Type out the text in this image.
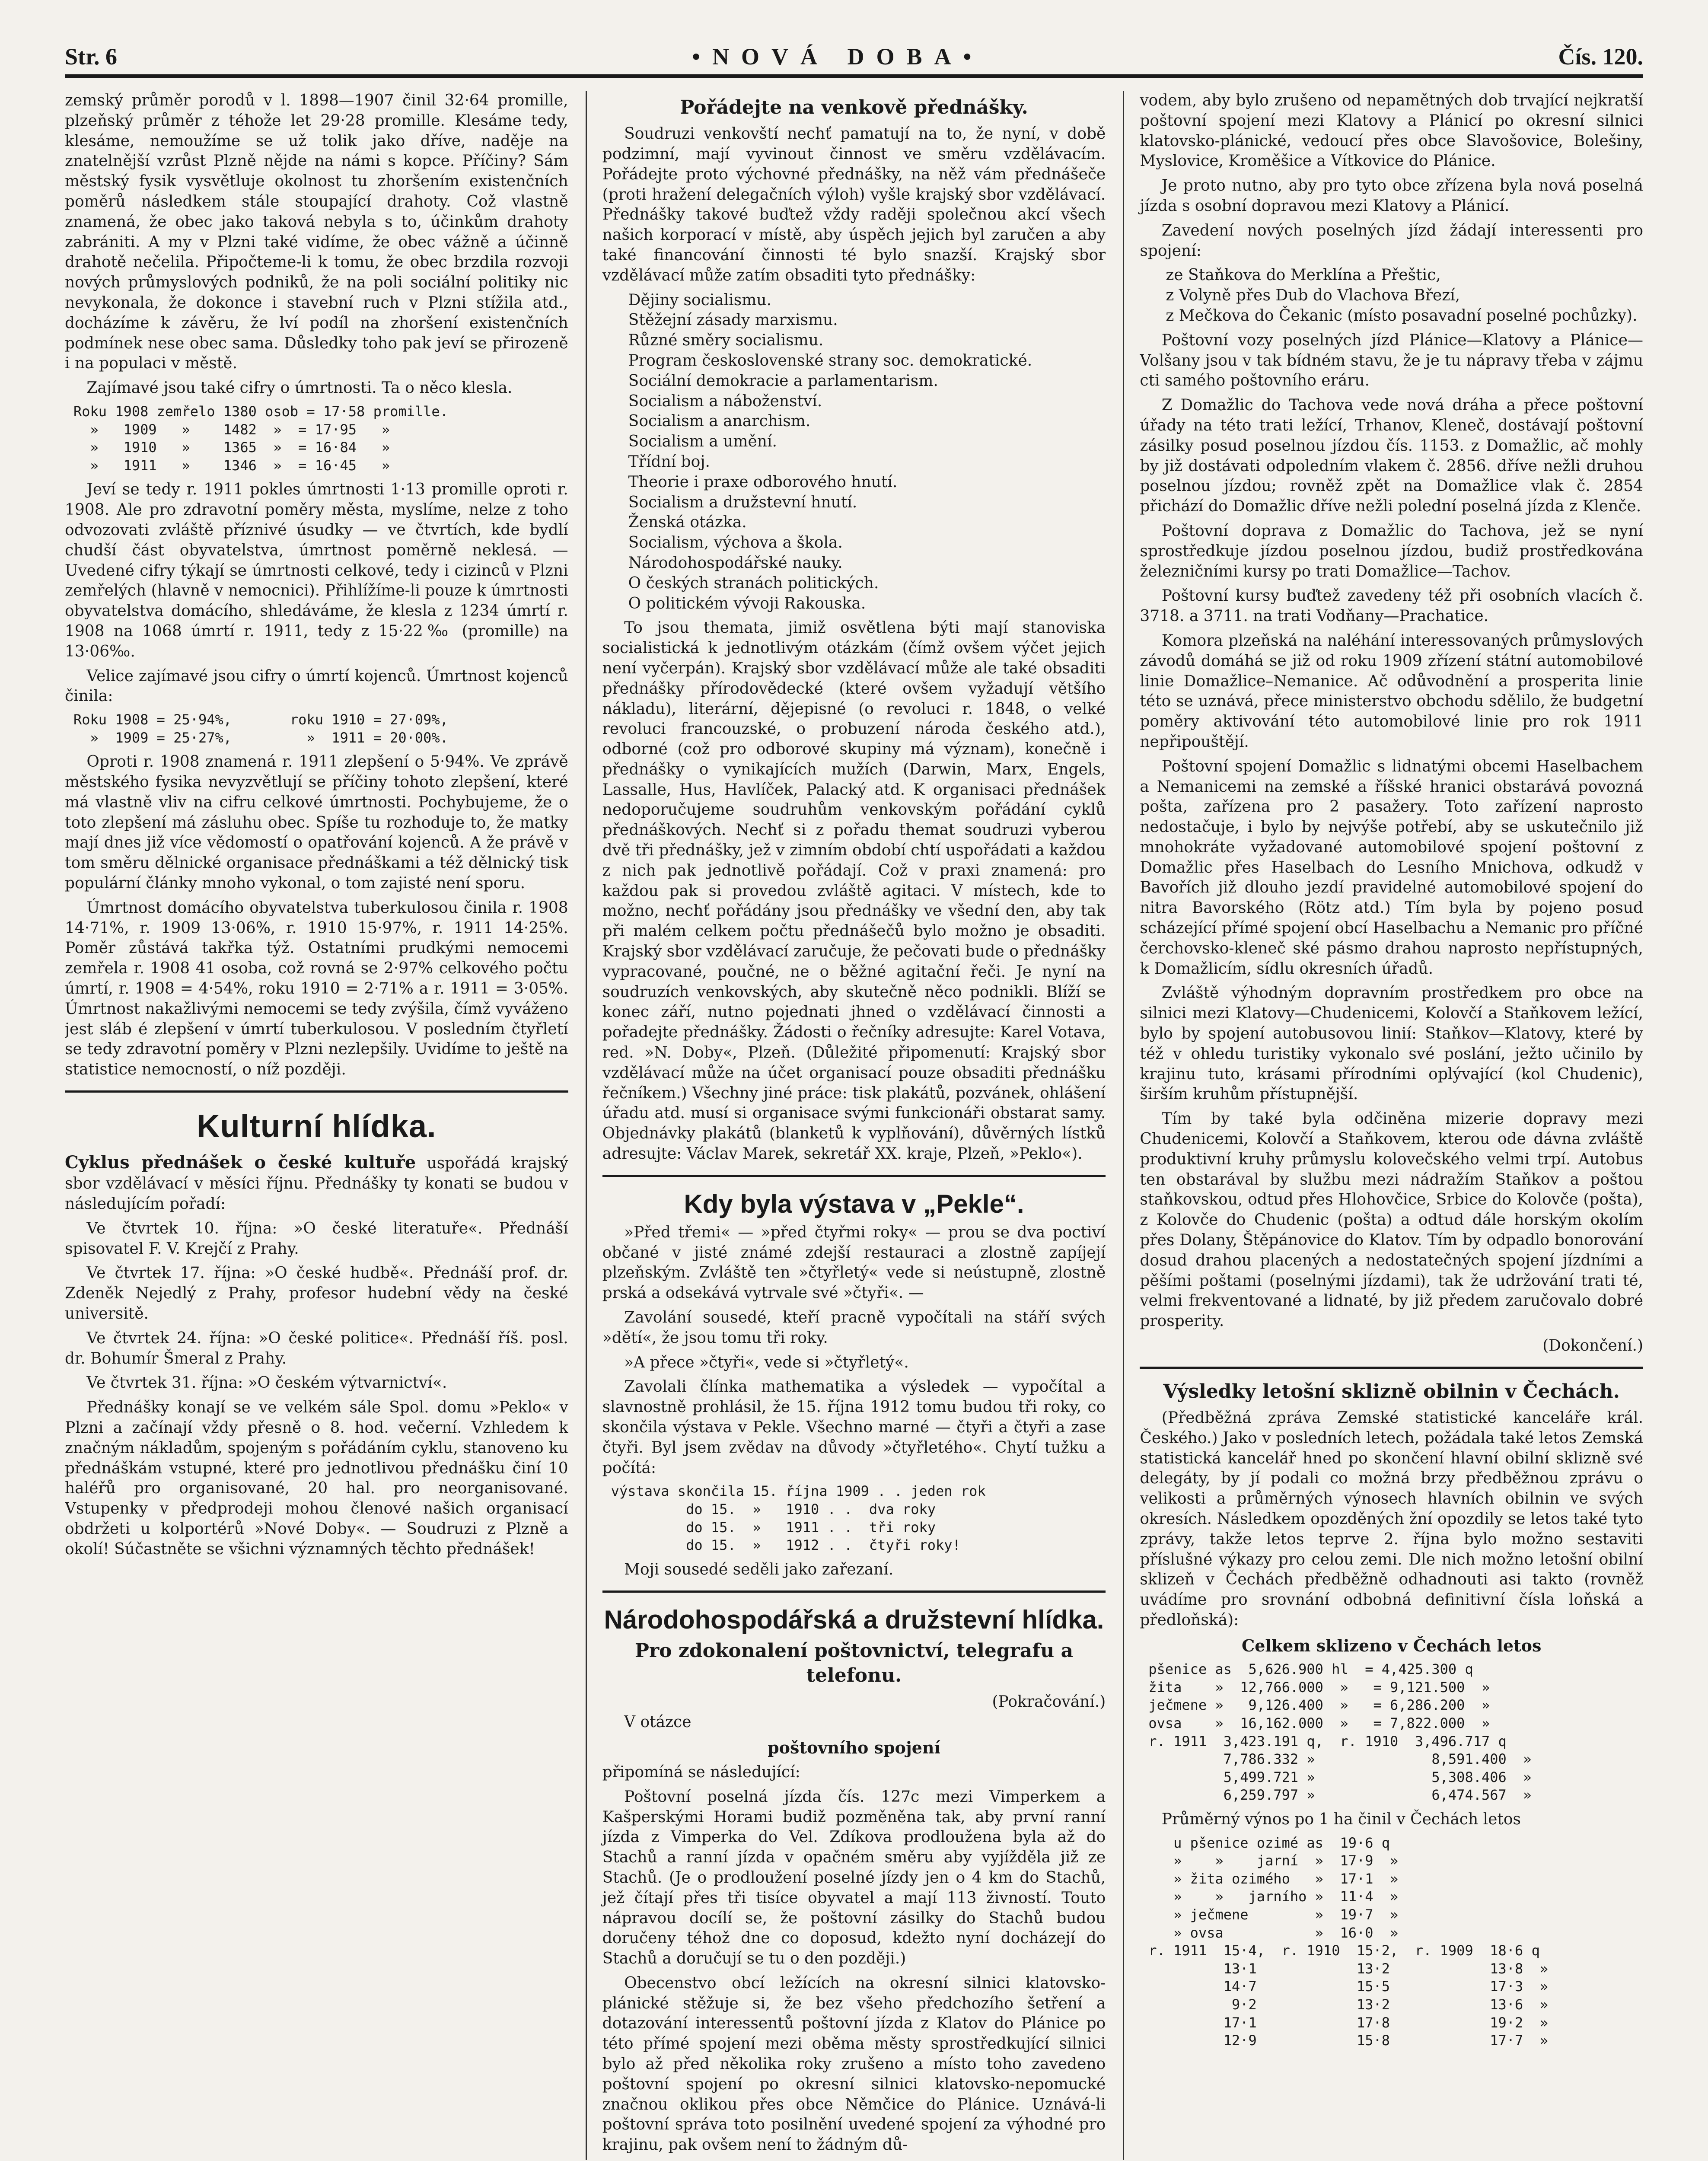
Str. 6	•NOVÁ DOBA•	Čís. 120.

zemský průměr porodů v l. 1898—1907 činil 32·64 promille, plzeňský průměr z téhože let 29·28 promille. Klesáme tedy, klesáme, nemoužíme se už tolik jako dříve, naděje na znatelnější vzrůst Plzně nějde na námi s kopce. Příčiny? Sám městský fysik vysvětluje okolnost tu zhoršením existenčních poměrů následkem stále stoupající drahoty. Což vlastně znamená, že obec jako taková nebyla s to, účinkům drahoty zabrániti. A my v Plzni také vidíme, že obec vážně a účinně drahotě nečelila. Připočteme-li k tomu, že obec brzdila rozvoji nových průmyslových podniků, že na poli sociální politiky nic nevykonala, že dokonce i stavební ruch v Plzni stížila atd., docházíme k závěru, že lví podíl na zhoršení existenčních podmínek nese obec sama. Důsledky toho pak jeví se přirozeně i na populaci v městě.

Zajímavé jsou také cifry o úmrtnosti. Ta o něco klesla.

Roku 1908 zemřelo 1380 osob = 17·58 promille.
»   1909   »    1482  »  = 17·95   »
»   1910   »    1365  »  = 16·84   »
»   1911   »    1346  »  = 16·45   »

Jeví se tedy r. 1911 pokles úmrtnosti 1·13 promille oproti r. 1908. Ale pro zdravotní poměry města, myslíme, nelze z toho odvozovati zvláště příznivé úsudky — ve čtvrtích, kde bydlí chudší část obyvatelstva, úmrtnost poměrně neklesá. — Uvedené cifry týkají se úmrtnosti celkové, tedy i cizinců v Plzni zemřelých (hlavně v nemocnici). Přihlížíme-li pouze k úmrtnosti obyvatelstva domácího, shledáváme, že klesla z 1234 úmrtí r. 1908 na 1068 úmrtí r. 1911, tedy z 15·22‰ (promille) na 13·06‰.

Velice zajímavé jsou cifry o úmrtí kojenců. Úmrtnost kojenců činila:

Roku 1908 = 25·94%,       roku 1910 = 27·09%,
»  1909 = 25·27%,         »  1911 = 20·00%.

Oproti r. 1908 znamená r. 1911 zlepšení o 5·94%. Ve zprávě městského fysika nevyzvětlují se příčiny tohoto zlepšení, které má vlastně vliv na cifru celkové úmrtnosti. Pochybujeme, že o toto zlepšení má zásluhu obec. Spíše tu rozhoduje to, že matky mají dnes již více vědomostí o opatřování kojenců. A že právě v tom směru dělnické organisace přednáškami a též dělnický tisk populární články mnoho vykonal, o tom zajisté není sporu.

Úmrtnost domácího obyvatelstva tuberkulosou činila r. 1908 14·71%, r. 1909 13·06%, r. 1910 15·97%, r. 1911 14·25%. Poměr zůstává takřka týž. Ostatními prudkými nemocemi zemřela r. 1908 41 osoba, což rovná se 2·97% celkového počtu úmrtí, r. 1908 = 4·54%, roku 1910 = 2·71% a r. 1911 = 3·05%. Úmrtnost nakažlivými nemocemi se tedy zvýšila, čímž vyváženo jest sláb é zlepšení v úmrtí tuberkulosou. V posledním čtyřletí se tedy zdravotní poměry v Plzni nezlepšily. Uvidíme to ještě na statistice nemocností, o níž později.

Kulturní hlídka.

Cyklus přednášek o české kultuře uspořádá krajský sbor vzdělávací v měsíci říjnu. Přednášky ty konati se budou v následujícím pořadí:

Ve čtvrtek 10. října: »O české literatuře«. Přednáší spisovatel F. V. Krejčí z Prahy.

Ve čtvrtek 17. října: »O české hudbě«. Přednáší prof. dr. Zdeněk Nejedlý z Prahy, profesor hudební vědy na české universitě.

Ve čtvrtek 24. října: »O české politice«. Přednáší říš. posl. dr. Bohumír Šmeral z Prahy.

Ve čtvrtek 31. října: »O českém výtvarnictví«.

Přednášky konají se ve velkém sále Spol. domu »Peklo« v Plzni a začínají vždy přesně o 8. hod. večerní. Vzhledem k značným nákladům, spojeným s pořádáním cyklu, stanoveno ku přednáškám vstupné, které pro jednotlivou přednášku činí 10 haléřů pro organisované, 20 hal. pro neorganisované. Vstupenky v předprodeji mohou členové našich organisací obdržeti u kolportérů »Nové Doby«. — Soudruzi z Plzně a okolí! Súčastněte se všichni významných těchto přednášek!

Pořádejte na venkově přednášky.

Soudruzi venkovští nechť pamatují na to, že nyní, v době podzimní, mají vyvinout činnost ve směru vzdělávacím. Pořádejte proto výchovné přednášky, na něž vám přednášeče (proti hražení delegačních výloh) vyšle krajský sbor vzdělávací. Přednášky takové buďtež vždy raději společnou akcí všech našich korporací v místě, aby úspěch jejich byl zaručen a aby také financování činnosti té bylo snazší. Krajský sbor vzdělávací může zatím obsaditi tyto přednášky:

Dějiny socialismu.
Stěžejní zásady marxismu.
Různé směry socialismu.
Program československé strany soc. demokratické.
Sociální demokracie a parlamentarism.
Socialism a náboženství.
Socialism a anarchism.
Socialism a umění.
Třídní boj.
Theorie i praxe odborového hnutí.
Socialism a družstevní hnutí.
Ženská otázka.
Socialism, výchova a škola.
Národohospodářské nauky.
O českých stranách politických.
O politickém vývoji Rakouska.

To jsou themata, jimiž osvětlena býti mají stanoviska socialistická k jednotlivým otázkám (čímž ovšem výčet jejich není vyčerpán). Krajský sbor vzdělávací může ale také obsaditi přednášky přírodovědecké (které ovšem vyžadují většího nákladu), literární, dějepisné (o revoluci r. 1848, o velké revoluci francouzské, o probuzení národa českého atd.), odborné (což pro odborové skupiny má význam), konečně i přednášky o vynikajících mužích (Darwin, Marx, Engels, Lassalle, Hus, Havlíček, Palacký atd. K organisaci přednášek nedoporučujeme soudruhům venkovským pořádání cyklů přednáškových. Nechť si z pořadu themat soudruzi vyberou dvě tři přednášky, jež v zimním období chtí uspořádati a každou z nich pak jednotlivě pořádají. Což v praxi znamená: pro každou pak si provedou zvláště agitaci. V místech, kde to možno, nechť pořádány jsou přednášky ve všední den, aby tak při malém celkem počtu přednášečů bylo možno je obsaditi. Krajský sbor vzdělávací zaručuje, že pečovati bude o přednášky vypracované, poučné, ne o běžné agitační řeči. Je nyní na soudruzích venkovských, aby skutečně něco podnikli. Blíží se konec září, nutno pojednati jhned o vzdělávací činnosti a pořadejte přednášky. Žádosti o řečníky adresujte: Karel Votava, red. »N. Doby«, Plzeň. (Důležité připomenutí: Krajský sbor vzdělávací může na účet organisací pouze obsaditi přednášku řečníkem.) Všechny jiné práce: tisk plakátů, pozvánek, ohlášení úřadu atd. musí si organisace svými funkcionáři obstarat samy. Objednávky plakátů (blanketů k vyplňování), důvěrných lístků adresujte: Václav Marek, sekretář XX. kraje, Plzeň, »Peklo«).

Kdy byla výstava v „Pekle“.

»Před třemi« — »před čtyřmi roky« — prou se dva poctiví občané v jisté známé zdejší restauraci a zlostně zapíjejí plzeňským. Zvláště ten »čtyřletý« vede si neústupně, zlostně prská a odsekává vytrvale své »čtyři«. —

Zavolání sousedé, kteří pracně vypočítali na stáří svých »dětí«, že jsou tomu tři roky.

»A přece »čtyři«, vede si »čtyřletý«.

Zavolali člínka mathematika a výsledek — vypočítal a slavnostně prohlásil, že 15. října 1912 tomu budou tři roky, co skončila výstava v Pekle. Všechno marné — čtyři a čtyři a zase čtyři. Byl jsem zvědav na důvody »čtyřletého«. Chytí tužku a počítá:

výstava skončila 15. října 1909 . . jeden rok
do 15.  »   1910 . .  dva roky
do 15.  »   1911 . .  tři roky
do 15.  »   1912 . .  čtyři roky!

Moji sousedé seděli jako zařezaní.

Národohospodářská a družstevní hlídka.
Pro zdokonalení poštovnictví, telegrafu a telefonu.
(Pokračování.)

V otázce

poštovního spojení

připomíná se následující:

Poštovní poselná jízda čís. 127c mezi Vimperkem a Kašperskými Horami budiž pozměněna tak, aby první ranní jízda z Vimperka do Vel. Zdíkova prodloužena byla až do Stachů a ranní jízda v opačném směru aby vyjížděla již ze Stachů. (Je o prodloužení poselné jízdy jen o 4 km do Stachů, jež čítají přes tři tisíce obyvatel a mají 113 živností. Touto nápravou docílí se, že poštovní zásilky do Stachů budou doručeny téhož dne co doposud, kdežto nyní docházejí do Stachů a doručují se tu o den později.)

Obecenstvo obcí ležících na okresní silnici klatovsko-plánické stěžuje si, že bez všeho předchozího šetření a dotazování interessentů poštovní jízda z Klatov do Plánice po této přímé spojení mezi oběma městy sprostředkující silnici bylo až před několika roky zrušeno a místo toho zavedeno poštovní spojení po okresní silnici klatovsko-nepomucké značnou oklikou přes obce Němčice do Plánice. Uznává-li poštovní správa toto posilnění uvedené spojení za výhodné pro krajinu, pak ovšem není to žádným dů-

vodem, aby bylo zrušeno od nepamětných dob trvající nejkratší poštovní spojení mezi Klatovy a Plánicí po okresní silnici klatovsko-plánické, vedoucí přes obce Slavošovice, Bolešiny, Myslovice, Kroměšice a Vítkovice do Plánice.

Je proto nutno, aby pro tyto obce zřízena byla nová poselná jízda s osobní dopravou mezi Klatovy a Plánicí.

Zavedení nových poselných jízd žádají interessenti pro spojení:

ze Staňkova do Merklína a Přeštic,
z Volyně přes Dub do Vlachova Březí,
z Mečkova do Čekanic (místo posavadní poselné pochůzky).

Poštovní vozy poselných jízd Plánice—Klatovy a Plánice—Volšany jsou v tak bídném stavu, že je tu nápravy třeba v zájmu cti samého poštovního eráru.

Z Domažlic do Tachova vede nová dráha a přece poštovní úřady na této trati ležící, Trhanov, Kleneč, dostávají poštovní zásilky posud poselnou jízdou čís. 1153. z Domažlic, ač mohly by již dostávati odpoledním vlakem č. 2856. dříve nežli druhou poselnou jízdou; rovněž zpět na Domažlice vlak č. 2854 přichází do Domažlic dříve nežli polední poselná jízda z Klenče.

Poštovní doprava z Domažlic do Tachova, jež se nyní sprostředkuje jízdou poselnou jízdou, budiž prostředkována železničními kursy po trati Domažlice—Tachov.

Poštovní kursy buďtež zavedeny též při osobních vlacích č. 3718. a 3711. na trati Vodňany—Prachatice.

Komora plzeňská na naléhání interessovaných průmyslových závodů domáhá se již od roku 1909 zřízení státní automobilové linie Domažlice–Nemanice. Ač odůvodnění a prosperita linie této se uznává, přece ministerstvo obchodu sdělilo, že budgetní poměry aktivování této automobilové linie pro rok 1911 nepřipouštějí.

Poštovní spojení Domažlic s lidnatými obcemi Haselbachem a Nemanicemi na zemské a říšské hranici obstarává povozná pošta, zařízena pro 2 pasažery. Toto zařízení naprosto nedostačuje, i bylo by nejvýše potřebí, aby se uskutečnilo již mnohokráte vyžadované automobilové spojení poštovní z Domažlic přes Haselbach do Lesního Mnichova, odkudž v Bavořích již dlouho jezdí pravidelné automobilové spojení do nitra Bavorského (Rötz atd.) Tím byla by pojeno posud scházející přímé spojení obcí Haselbachu a Nemanic pro příčné čerchovsko-kleneč ské pásmo drahou naprosto nepřístupných, k Domažlicím, sídlu okresních úřadů.

Zvláště výhodným dopravním prostředkem pro obce na silnici mezi Klatovy—Chudenicemi, Kolovčí a Staňkovem ležící, bylo by spojení autobusovou linií: Staňkov—Klatovy, které by též v ohledu turistiky vykonalo své poslání, ježto učinilo by krajinu tuto, krásami přírodními oplývající (kol Chudenic), širším kruhům přístupnější.

Tím by také byla odčiněna mizerie dopravy mezi Chudenicemi, Kolovčí a Staňkovem, kterou ode dávna zvláště produktivní kruhy průmyslu kolovečského velmi trpí. Autobus ten obstarával by službu mezi nádražím Staňkov a poštou staňkovskou, odtud přes Hlohovčice, Srbice do Kolovče (pošta), z Kolovče do Chudenic (pošta) a odtud dále horským okolím přes Dolany, Štěpánovice do Klatov. Tím by odpadlo bonorování dosud drahou placených a nedostatečných spojení jízdními a pěšími poštami (poselnými jízdami), tak že udržování trati té, velmi frekventované a lidnaté, by již předem zaručovalo dobré prosperity.

(Dokončení.)
Výsledky letošní sklizně obilnin v Čechách.

(Předběžná zpráva Zemské statistické kanceláře král. Českého.) Jako v posledních letech, požádala také letos Zemská statistická kancelář hned po skončení hlavní obilní sklizně své delegáty, by jí podali co možná brzy předběžnou zprávu o velikosti a průměrných výnosech hlavních obilnin ve svých okresích. Následkem opozděných žní opozdily se letos také tyto zprávy, takže letos teprve 2. října bylo možno sestaviti příslušné výkazy pro celou zemi. Dle nich možno letošní obilní sklizeň v Čechách předběžně odhadnouti asi takto (rovněž uvádíme pro srovnání odbobná definitivní čísla loňská a předloňská):

Celkem sklizeno v Čechách letos
pšenice as  5,626.900 hl  = 4,425.300 q
žita    »  12,766.000  »   = 9,121.500  »
ječmene »   9,126.400  »   = 6,286.200  »
ovsa    »  16,162.000  »   = 7,822.000  »
r. 1911  3,423.191 q,  r. 1910  3,496.717 q
7,786.332 »              8,591.400  »
5,499.721 »              5,308.406  »
6,259.797 »              6,474.567  »

Průměrný výnos po 1 ha činil v Čechách letos

u pšenice ozimé as  19·6 q
»    »    jarní  »  17·9  »
» žita ozimého   »  17·1  »
»    »   jarního »  11·4  »
» ječmene        »  19·7  »
» ovsa           »  16·0  »
r. 1911  15·4,  r. 1910  15·2,  r. 1909  18·6 q
13·1            13·2            13·8  »
14·7            15·5            17·3  »
9·2            13·2            13·6  »
17·1            17·8            19·2  »
12·9            15·8            17·7  »
